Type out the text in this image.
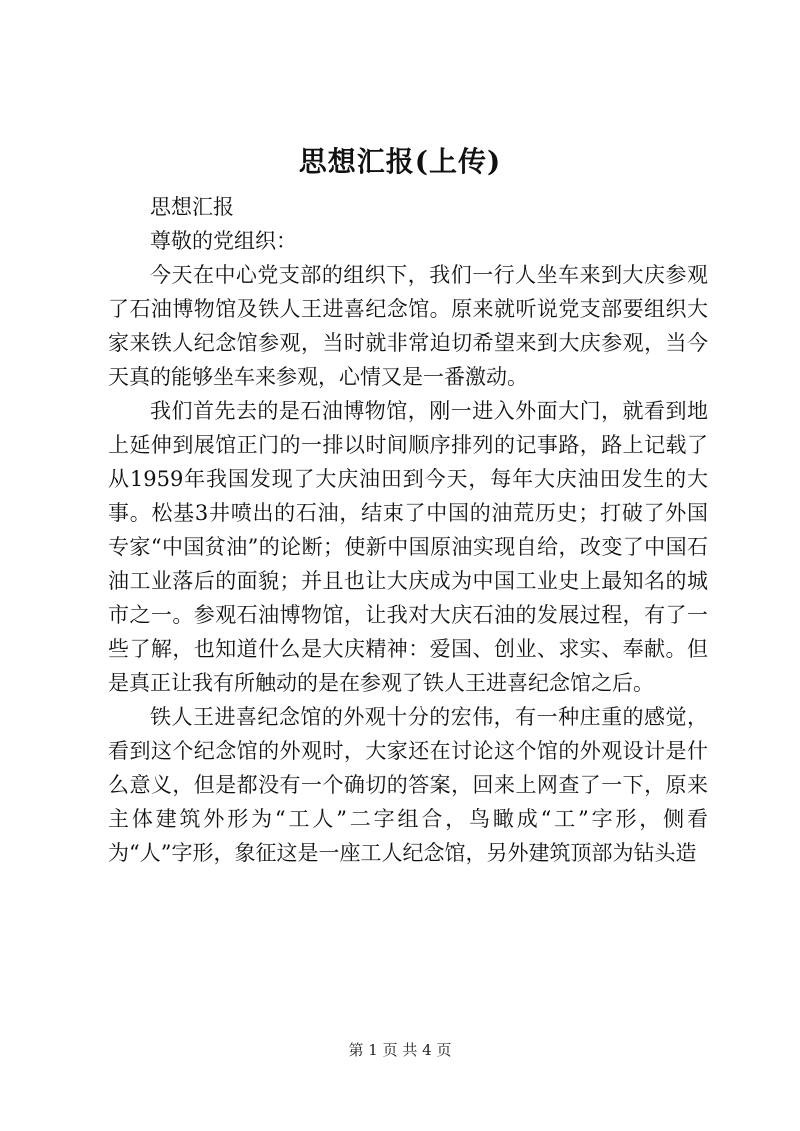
思想汇报(上传)

思想汇报

尊敬的党组织：

今天在中心党支部的组织下，我们一行人坐车来到大庆参观了石油博物馆及铁人王进喜纪念馆。原来就听说党支部要组织大家来铁人纪念馆参观，当时就非常迫切希望来到大庆参观，当今天真的能够坐车来参观，心情又是一番激动。

我们首先去的是石油博物馆，刚一进入外面大门，就看到地上延伸到展馆正门的一排以时间顺序排列的记事路，路上记载了从1959年我国发现了大庆油田到今天，每年大庆油田发生的大事。松基3井喷出的石油，结束了中国的油荒历史；打破了外国专家“中国贫油”的论断；使新中国原油实现自给，改变了中国石油工业落后的面貌；并且也让大庆成为中国工业史上最知名的城市之一。参观石油博物馆，让我对大庆石油的发展过程，有了一些了解，也知道什么是大庆精神：爱国、创业、求实、奉献。但是真正让我有所触动的是在参观了铁人王进喜纪念馆之后。

铁人王进喜纪念馆的外观十分的宏伟，有一种庄重的感觉，看到这个纪念馆的外观时，大家还在讨论这个馆的外观设计是什么意义，但是都没有一个确切的答案，回来上网查了一下，原来主体建筑外形为“工人”二字组合，鸟瞰成“工”字形，侧看为“人”字形，象征这是一座工人纪念馆，另外建筑顶部为钻头造

第 1 页 共 4 页
